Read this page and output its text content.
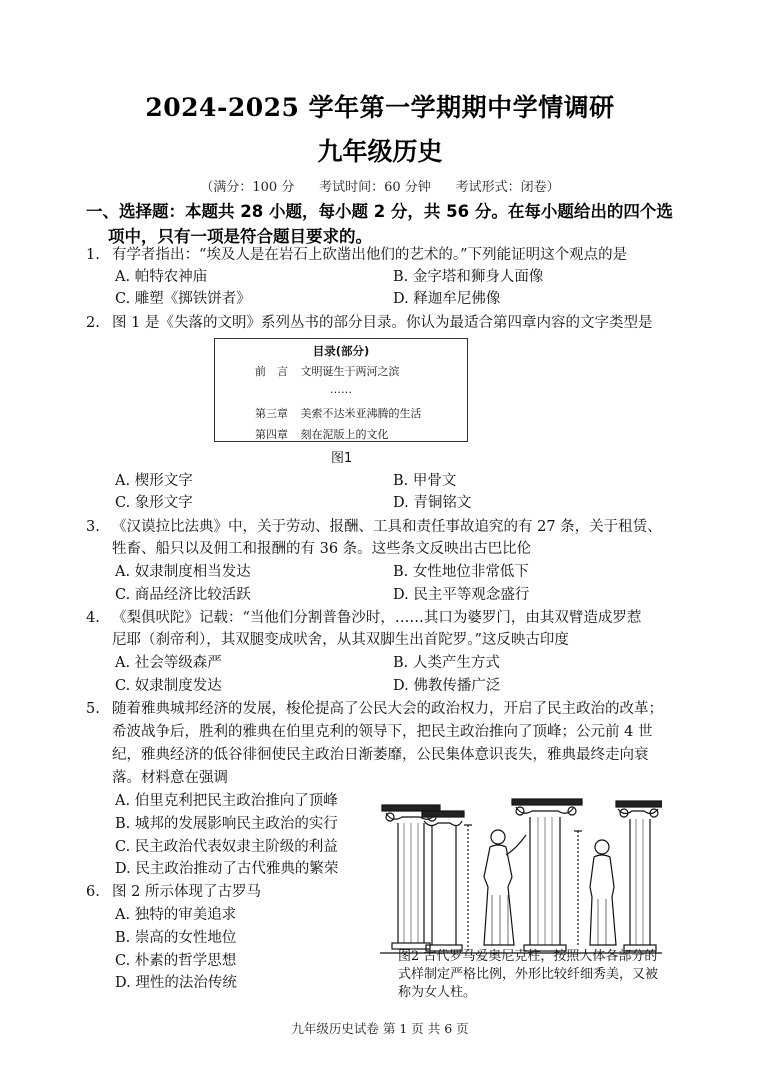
2024-2025 学年第一学期期中学情调研
九年级历史
（满分：100 分      考试时间：60 分钟      考试形式：闭卷）
一、选择题：本题共 28 小题，每小题 2 分，共 56 分。在每小题给出的四个选
项中，只有一项是符合题目要求的。
1. 有学者指出：“埃及人是在岩石上砍凿出他们的艺术的。”下列能证明这个观点的是
A. 帕特农神庙	B. 金字塔和狮身人面像
C. 雕塑《掷铁饼者》	D. 释迦牟尼佛像
2. 图 1 是《失落的文明》系列丛书的部分目录。你认为最适合第四章内容的文字类型是
目录(部分)
前　言 文明诞生于两河之滨
……
第三章 美索不达米亚沸腾的生活
第四章 刻在泥版上的文化
图1
A. 楔形文字	B. 甲骨文
C. 象形文字	D. 青铜铭文
3. 《汉谟拉比法典》中，关于劳动、报酬、工具和责任事故追究的有 27 条，关于租赁、
牲畜、船只以及佣工和报酬的有 36 条。这些条文反映出古巴比伦
A. 奴隶制度相当发达	B. 女性地位非常低下
C. 商品经济比较活跃	D. 民主平等观念盛行
4. 《梨俱吠陀》记载：“当他们分割普鲁沙时，……其口为婆罗门，由其双臂造成罗惹
尼耶（刹帝利），其双腿变成吠舍，从其双脚生出首陀罗。”这反映古印度
A. 社会等级森严	B. 人类产生方式
C. 奴隶制度发达	D. 佛教传播广泛
5. 随着雅典城邦经济的发展，梭伦提高了公民大会的政治权力，开启了民主政治的改革；
希波战争后，胜利的雅典在伯里克利的领导下，把民主政治推向了顶峰；公元前 4 世
纪，雅典经济的低谷徘徊使民主政治日渐萎靡，公民集体意识丧失，雅典最终走向衰
落。材料意在强调
A. 伯里克利把民主政治推向了顶峰
B. 城邦的发展影响民主政治的实行
C. 民主政治代表奴隶主阶级的利益
D. 民主政治推动了古代雅典的繁荣
6. 图 2 所示体现了古罗马
A. 独特的审美追求
B. 崇高的女性地位
C. 朴素的哲学思想
D. 理性的法治传统
图2 古代罗马爱奥尼克柱，按照人体各部分的式样制定严格比例，外形比较纤细秀美，又被称为女人柱。
九年级历史试卷 第 1 页 共 6 页
